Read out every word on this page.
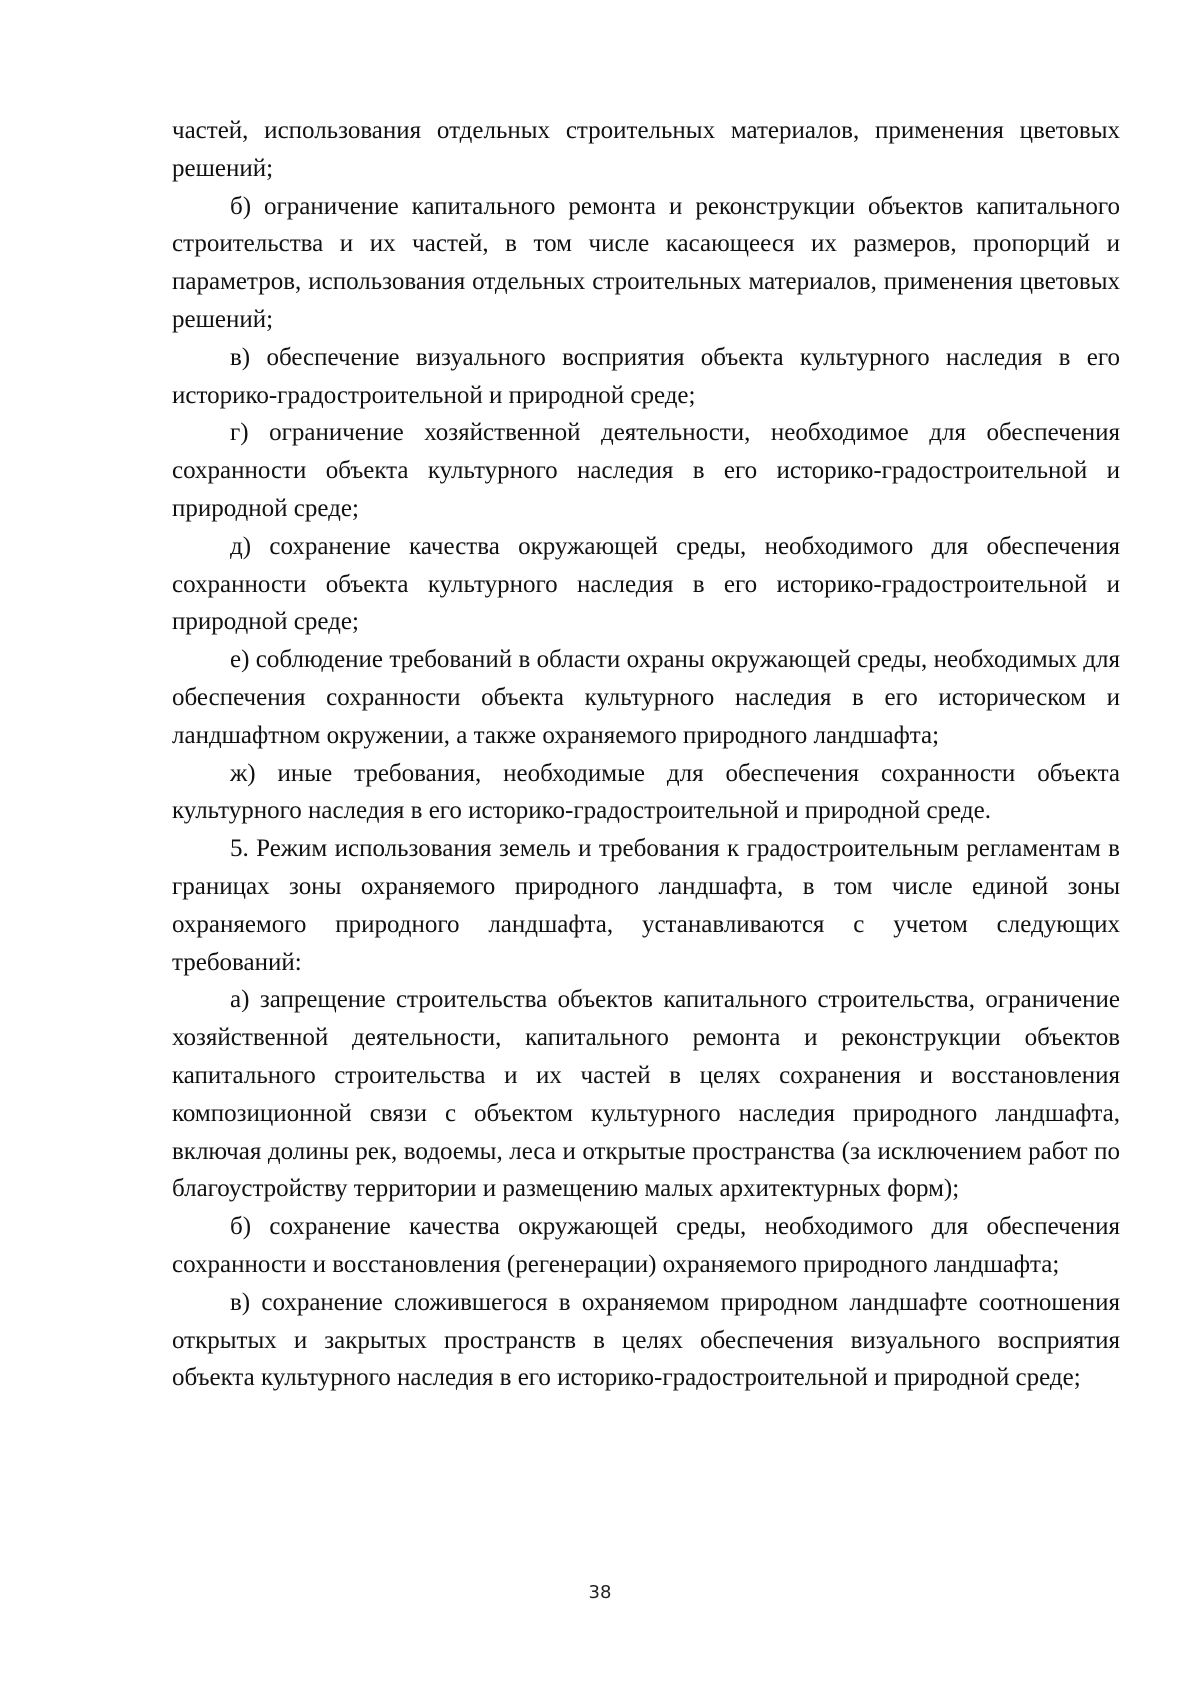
частей, использования отдельных строительных материалов, применения цветовых решений;

б) ограничение капитального ремонта и реконструкции объектов капитального строительства и их частей, в том числе касающееся их размеров, пропорций и параметров, использования отдельных строительных материалов, применения цветовых решений;

в) обеспечение визуального восприятия объекта культурного наследия в его историко-градостроительной и природной среде;

г) ограничение хозяйственной деятельности, необходимое для обеспечения сохранности объекта культурного наследия в его историко-градостроительной и природной среде;

д) сохранение качества окружающей среды, необходимого для обеспечения сохранности объекта культурного наследия в его историко-градостроительной и природной среде;

е) соблюдение требований в области охраны окружающей среды, необходимых для обеспечения сохранности объекта культурного наследия в его историческом и ландшафтном окружении, а также охраняемого природного ландшафта;

ж) иные требования, необходимые для обеспечения сохранности объекта культурного наследия в его историко-градостроительной и природной среде.

5. Режим использования земель и требования к градостроительным регламентам в границах зоны охраняемого природного ландшафта, в том числе единой зоны охраняемого природного ландшафта, устанавливаются с учетом следующих требований:

а) запрещение строительства объектов капитального строительства, ограничение хозяйственной деятельности, капитального ремонта и реконструкции объектов капитального строительства и их частей в целях сохранения и восстановления композиционной связи с объектом культурного наследия природного ландшафта, включая долины рек, водоемы, леса и открытые пространства (за исключением работ по благоустройству территории и размещению малых архитектурных форм);

б) сохранение качества окружающей среды, необходимого для обеспечения сохранности и восстановления (регенерации) охраняемого природного ландшафта;

в) сохранение сложившегося в охраняемом природном ландшафте соотношения открытых и закрытых пространств в целях обеспечения визуального восприятия объекта культурного наследия в его историко-градостроительной и природной среде;

38
